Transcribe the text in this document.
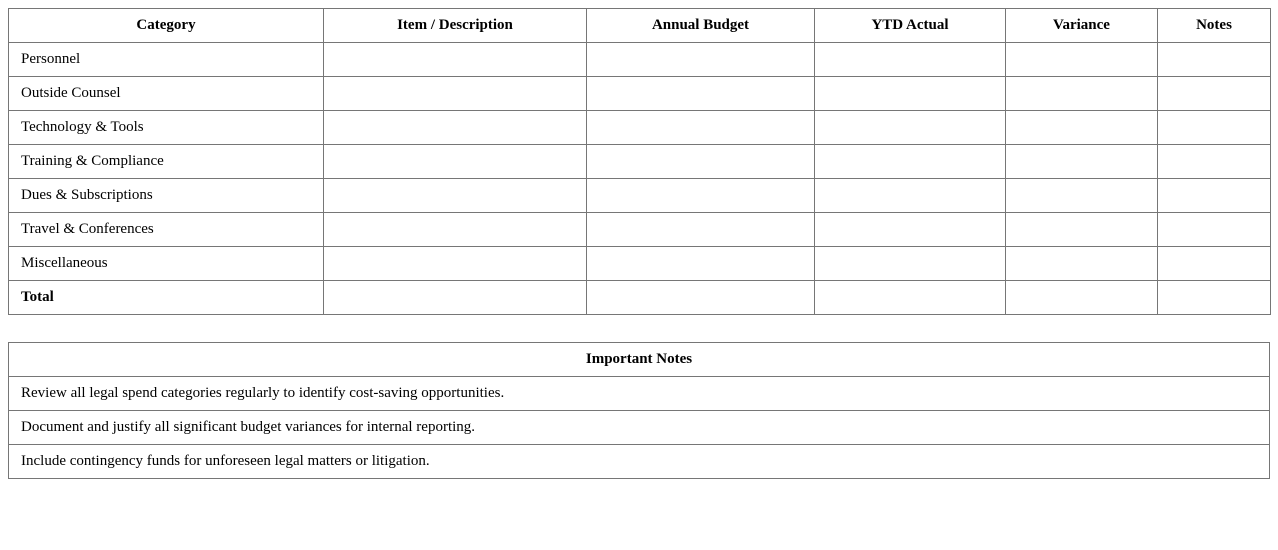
Category	Item / Description	Annual Budget	YTD Actual	Variance	Notes
Personnel					
Outside Counsel					
Technology & Tools					
Training & Compliance					
Dues & Subscriptions					
Travel & Conferences					
Miscellaneous					
Total					
Important Notes
Review all legal spend categories regularly to identify cost-saving opportunities.
Document and justify all significant budget variances for internal reporting.
Include contingency funds for unforeseen legal matters or litigation.
